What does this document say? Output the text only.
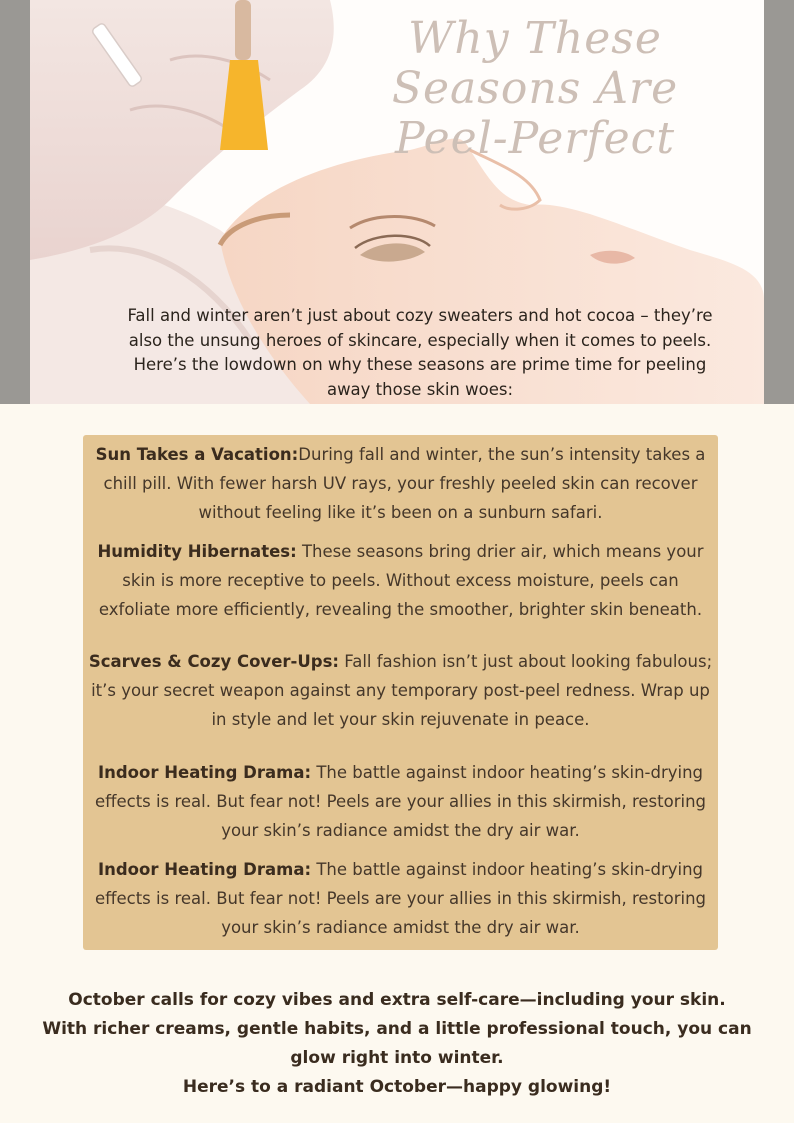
Why These Seasons Are
Peel-Perfect
Fall and winter aren’t just about cozy sweaters and hot cocoa – they’re also the unsung heroes of skincare, especially when it comes to peels. Here’s the lowdown on why these seasons are prime time for peeling away those skin woes:
Sun Takes a Vacation:During fall and winter, the sun’s intensity takes a chill pill. With fewer harsh UV rays, your freshly peeled skin can recover without feeling like it’s been on a sunburn safari.
Humidity Hibernates: These seasons bring drier air, which means your skin is more receptive to peels. Without excess moisture, peels can exfoliate more efficiently, revealing the smoother, brighter skin beneath.
Scarves & Cozy Cover-Ups: Fall fashion isn’t just about looking fabulous; it’s your secret weapon against any temporary post-peel redness. Wrap up in style and let your skin rejuvenate in peace.
Indoor Heating Drama: The battle against indoor heating’s skin-drying effects is real. But fear not! Peels are your allies in this skirmish, restoring your skin’s radiance amidst the dry air war.
Indoor Heating Drama: The battle against indoor heating’s skin-drying effects is real. But fear not! Peels are your allies in this skirmish, restoring your skin’s radiance amidst the dry air war.
October calls for cozy vibes and extra self-care—including your skin.
With richer creams, gentle habits, and a little professional touch, you can glow right into winter.
Here’s to a radiant October—happy glowing!
